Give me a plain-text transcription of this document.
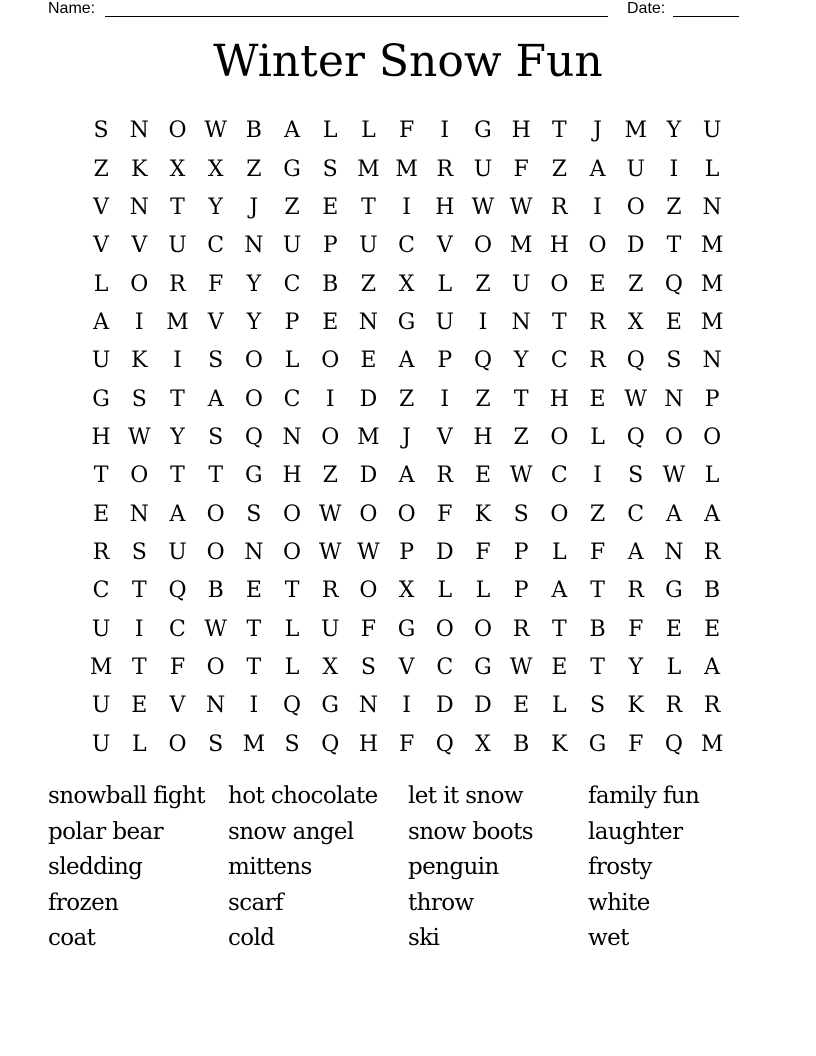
Name:	Date:
Winter Snow Fun
S N O W B	A	L	L	F	I	G H T	J	M Y U
Z	K	X	X	Z G S M M R U F	Z	A U	I	L
V N T	Y	J	Z	E	T	I	H W W R	I	O Z N
V	V U C N U P U C V O M H O D	T M
L O R	F	Y	C B	Z	X	L	Z U O E	Z Q M
A	I	M V	Y	P	E N G U	I	N T	R	X	E M
U K	I	S O L O E	A	P Q Y	C R Q S N
G S	T	A O C	I	D Z	I	Z	T H E W N P
H W Y	S Q N O M	J	V H Z O L Q O O
T O T	T	G H Z D A R E W C	I	S W L
E N A O S O W O O F	K	S O Z	C A	A
R	S U O N O W W P D F	P	L	F	A N R
C	T Q B	E	T	R O X	L	L	P	A	T	R G B
U	I	C W T	L U F G O O R	T	B	F	E	E
M T	F O T	L	X	S	V C G W E	T	Y	L	A
U E	V N	I	Q G N	I	D D E	L	S	K R R
U L O S M S Q H F Q X	B K G F Q M
snowball fight	hot chocolate	let it snow	family fun
polar bear	snow angel	snow boots	laughter
sledding	mittens	penguin	frosty
frozen	scarf	throw	white
coat	cold	ski	wet
